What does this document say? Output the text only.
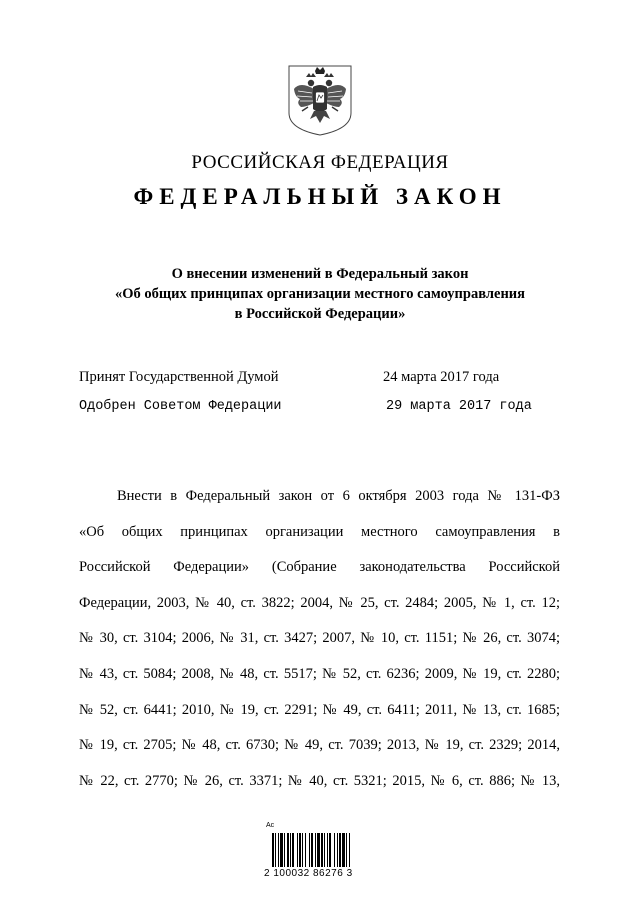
РОССИЙСКАЯ ФЕДЕРАЦИЯ
ФЕДЕРАЛЬНЫЙ ЗАКОН
О внесении изменений в Федеральный закон
«Об общих принципах организации местного самоуправления
в Российской Федерации»
Принят Государственной Думой	24 марта 2017 года
Одобрен Советом Федерации	29 марта 2017 года
Внести в Федеральный закон от 6 октября 2003 года № 131-ФЗ
«Об общих принципах организации местного самоуправления в
Российской Федерации» (Собрание законодательства Российской
Федерации, 2003, № 40, ст. 3822; 2004, № 25, ст. 2484; 2005, № 1, ст. 12;
№ 30, ст. 3104; 2006, № 31, ст. 3427; 2007, № 10, ст. 1151; № 26, ст. 3074;
№ 43, ст. 5084; 2008, № 48, ст. 5517; № 52, ст. 6236; 2009, № 19, ст. 2280;
№ 52, ст. 6441; 2010, № 19, ст. 2291; № 49, ст. 6411; 2011, № 13, ст. 1685;
№ 19, ст. 2705; № 48, ст. 6730; № 49, ст. 7039; 2013, № 19, ст. 2329; 2014,
№ 22, ст. 2770; № 26, ст. 3371; № 40, ст. 5321; 2015, № 6, ст. 886; № 13,
Ас
2 100032 86276 3
